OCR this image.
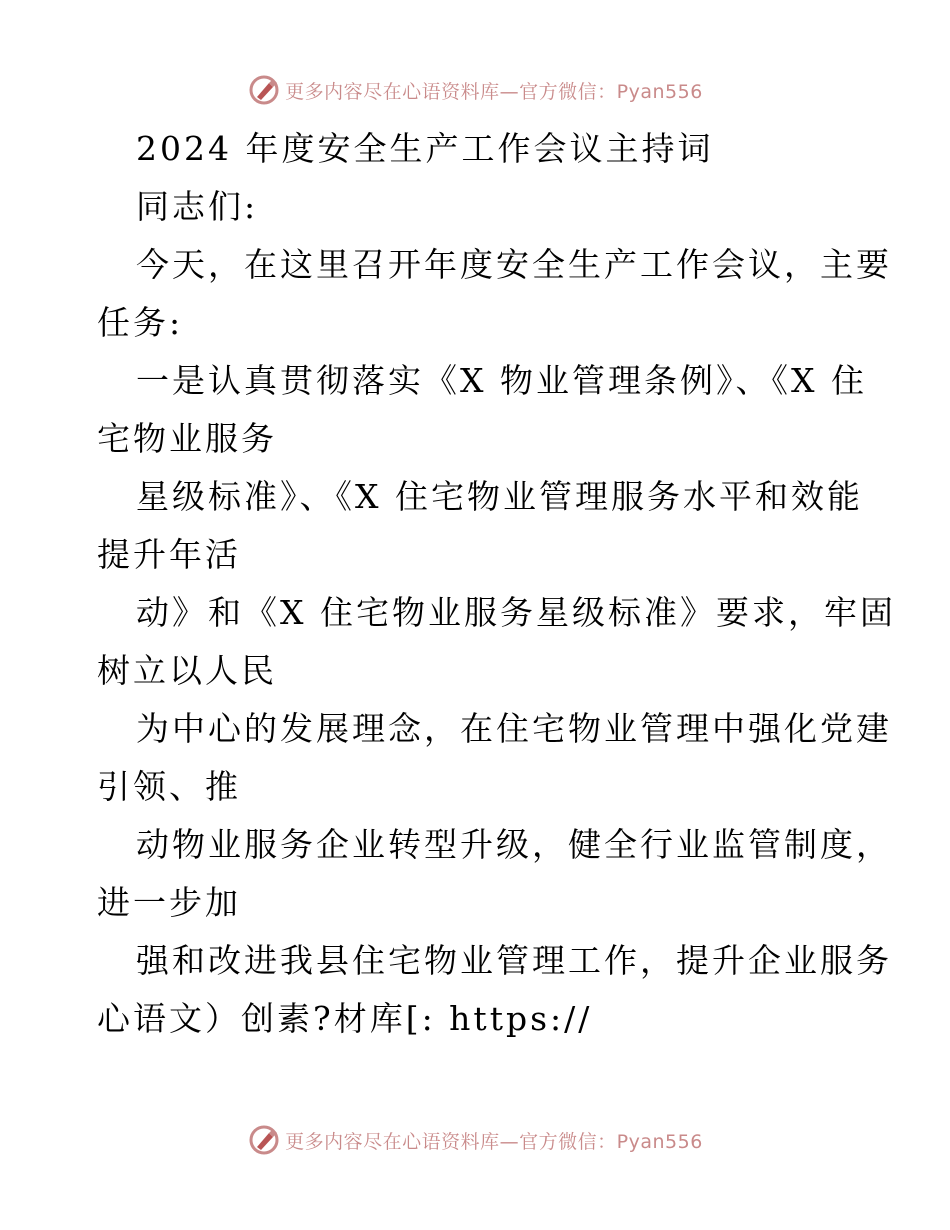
更多内容尽在心语资料库—官方微信：Pyan556
2024 年度安全生产工作会议主持词
同志们:
今天，在这里召开年度安全生产工作会议，主要
任务:
一是认真贯彻落实《X 物业管理条例》、《X 住
宅物业服务
星级标准》、《X 住宅物业管理服务水平和效能
提升年活
动》和《X 住宅物业服务星级标准》要求，牢固
树立以人民
为中心的发展理念，在住宅物业管理中强化党建
引领、推
动物业服务企业转型升级，健全行业监管制度，
进一步加
强和改进我县住宅物业管理工作，提升企业服务
心语文）创素?材库[: https://
更多内容尽在心语资料库—官方微信：Pyan556
